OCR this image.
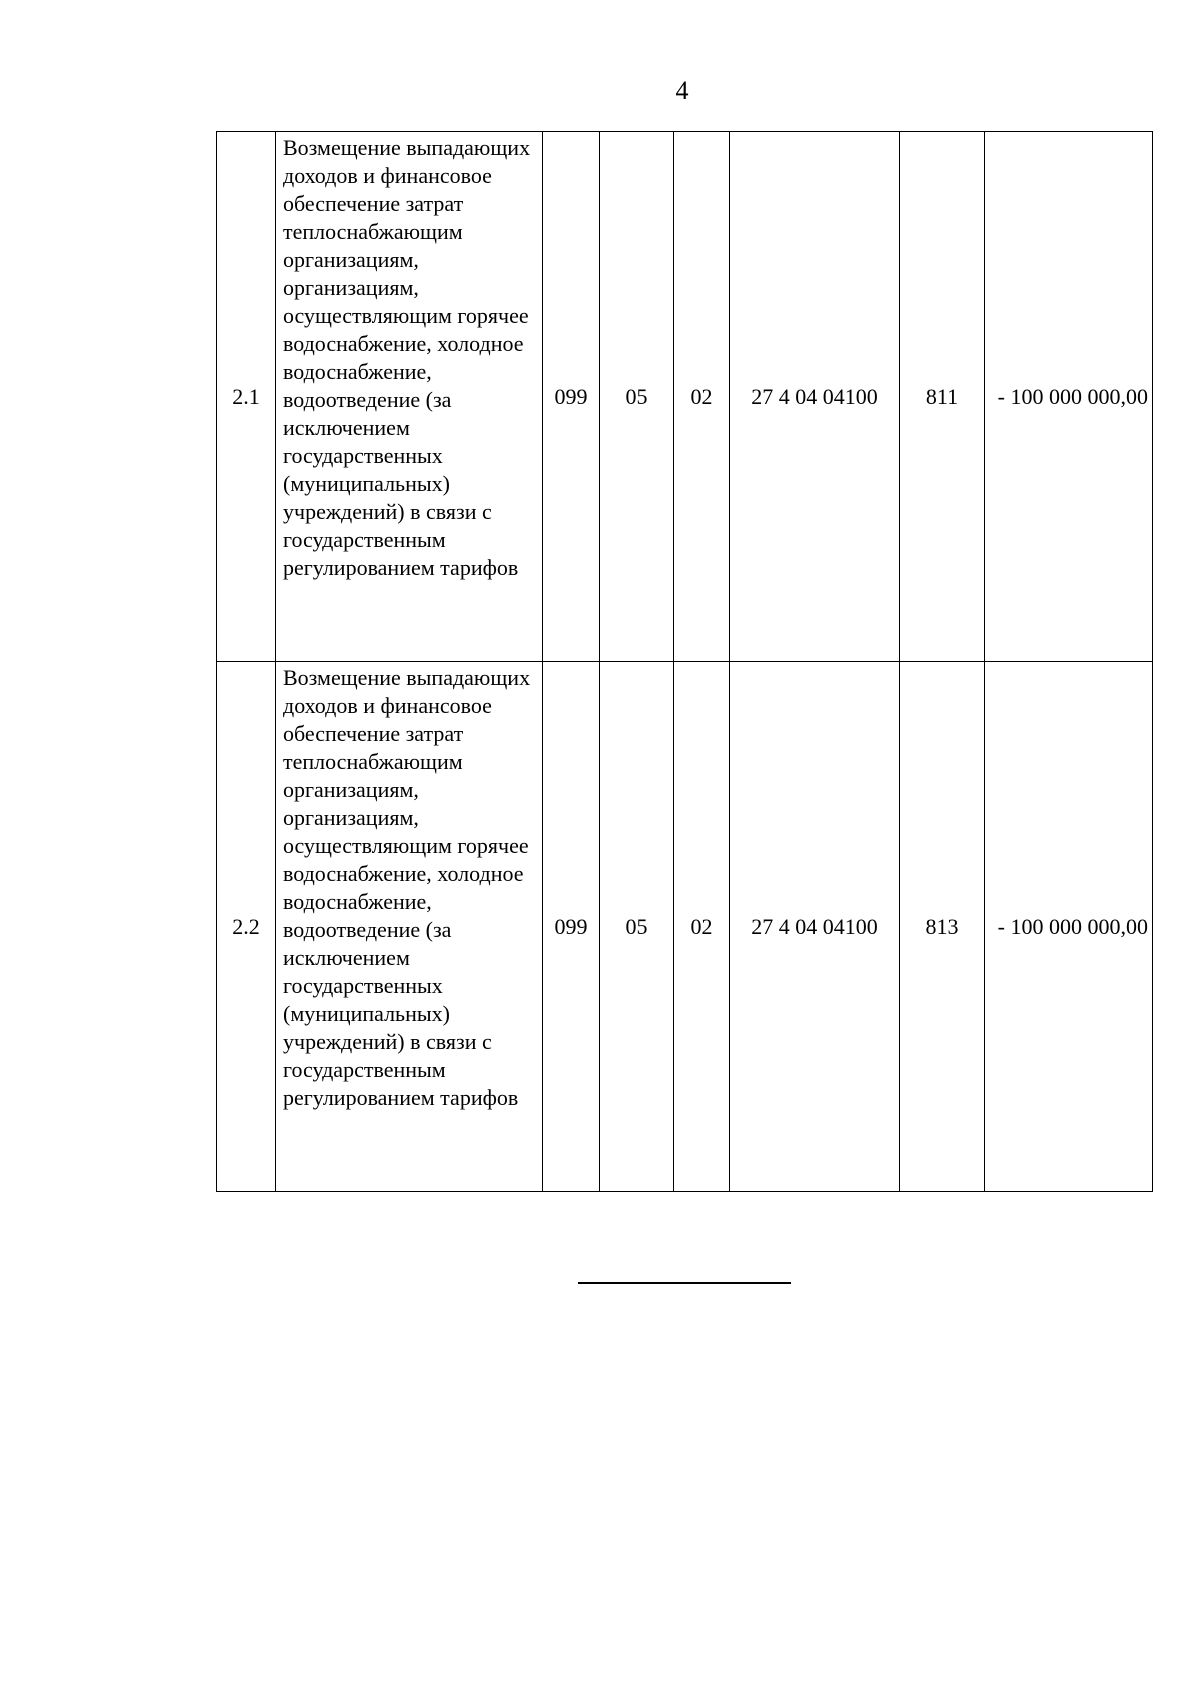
4
2.1	Возмещение выпадающих доходов и финансовое обеспечение затрат теплоснабжающим организациям, организациям, осуществляющим горячее водоснабжение, холодное водоснабжение, водоотведение (за исключением государственных (муниципальных) учреждений) в связи с государственным регулированием тарифов	099	05	02	27 4 04 04100	811	- 100 000 000,00
2.2	Возмещение выпадающих доходов и финансовое обеспечение затрат теплоснабжающим организациям, организациям, осуществляющим горячее водоснабжение, холодное водоснабжение, водоотведение (за исключением государственных (муниципальных) учреждений) в связи с государственным регулированием тарифов	099	05	02	27 4 04 04100	813	- 100 000 000,00
